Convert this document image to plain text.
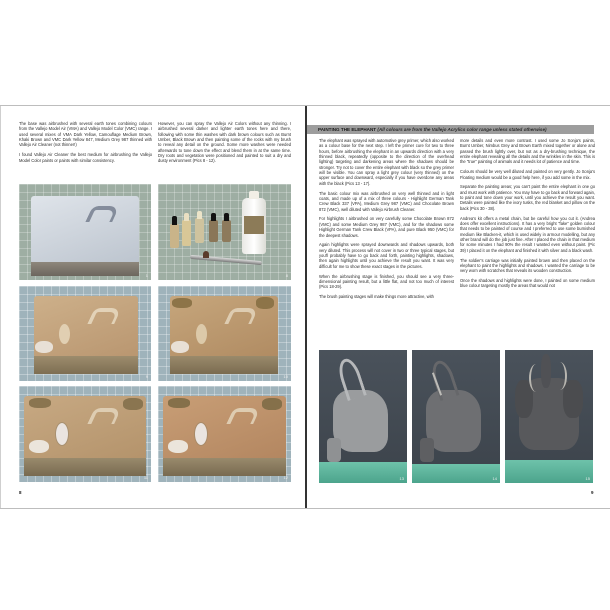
The base was airbrushed with several earth tones combining colours from the Vallejo Model Air (VMA) and Vallejo Model Color (VMC) range. I used several mixes of VMA Dark Yellow, Camouflage Medium Brown, Khaki Brown and VMC Dark Yellow 847, Medium Grey 987 thinned with Vallejo Air Cleaner (not thinner!)

I found Vallejo Air Cleaner the best medium for airbrushing the Vallejo Model Color paints or paints with similar consistency.

However, you can spray the Vallejo Air Colors without any thinning. I airbrushed several darker and lighter earth tones here and there, following with some thin washes with dark brown colours such as Burnt Umber, Black Brown and then painting some of the rocks with my brush to reveal any detail on the ground. Some more washes were needed afterwards to tone down the effect and blend them in at the same time. Dry roots and vegetation were positioned and painted to suit a dry and dusty environment (Pics 8 - 12).

1	8
9	10
11	12
8
PAINTING THE ELEPHANT (All colours are from the Vallejo Acrylics color range unless stated otherwise)

The elephant was sprayed with automotive grey primer, which also worked as a colour base for the next step. I left the primer cure for two to three hours, before airbrushing the elephant in an upwards direction with a very thinned black, repeatedly (opposite to the direction of the overhead lighting) targeting and darkening areas where the shadows should be stronger. Try not to cover the entire elephant with black so the grey primer will be visible. You can spray a light grey colour (very thinned) on the upper surface and downward, especially if you have overdone any areas with the black (Pics 13 - 17).

The basic colour mix was airbrushed on very well thinned and in light coats, and made up of a mix of three colours - Highlight German Tank Crew Black 337 (VPA), Medium Grey 987 (VMC) and Chocolate Brown 872 (VMC), well diluted with Vallejo Airbrush Cleaner.

For highlights I airbrushed on very carefully some Chocolate Brown 872 (VMC) and some Medium Grey 987 (VMC), and for the shadows some Highlight German Tank Crew Black (VPA), and pure Black 950 (VMC) for the deepest shadows.

Again highlights were sprayed downwards and shadows upwards, both very diluted. This process will not cover in two or three typical stages, but you'll probably have to go back and forth, painting highlights, shadows, then again highlights until you achieve the result you want. It was very difficult for me to show these exact stages in the pictures.

When the airbrushing stage is finished, you should see a very three-dimensional painting result, but a little flat, and not too much of interest (Pics 18-29).

The brush painting stages will make things more attractive, with

more details and even more contrast. I used some Jo Sonja's paints, Burnt Umber, Nimbus Grey and Brown Earth mixed together or alone and passed the brush lightly over, but not as a dry-brushing technique, the entire elephant revealing all the details and the wrinkles in the skin. This is the "true" painting of animals and it needs lot of patience and time.

Colours should be very well diluted and painted on very gently. Jo Sonja's Floating medium would be a good help here, if you add some in the mix.

Separate the painting areas; you can't paint the entire elephant in one go and must work with patience. You may have to go back and forward again, to paint and tone down your work, until you achieve the result you want. Details were painted like the ivory tusks, the red blanket and pillow on the back (Pics 30 - 38).

Andrea's kit offers a metal chain, but be careful how you cut it. (Andrea does offer excellent instructions). It has a very bright "fake" golden colour that needs to be painted of course and I preferred to use some burnished medium like Blacken-it, which is used widely in armour modelling, but any other brand will do the job just fine. After I placed the chain in that medium for some minutes I had 90% the result I wanted even without paint. (Pic 39) I placed it on the elephant and finished it with silver and a black wash.

The soldier's carriage was initially painted brown and then placed on the elephant to paint the highlights and shadows. I wanted the carriage to be very worn with scratches that reveals its wooden construction.

Once the shadows and highlights were done, I painted on some medium blue colour targeting mostly the areas that would not

13	14	15
9
